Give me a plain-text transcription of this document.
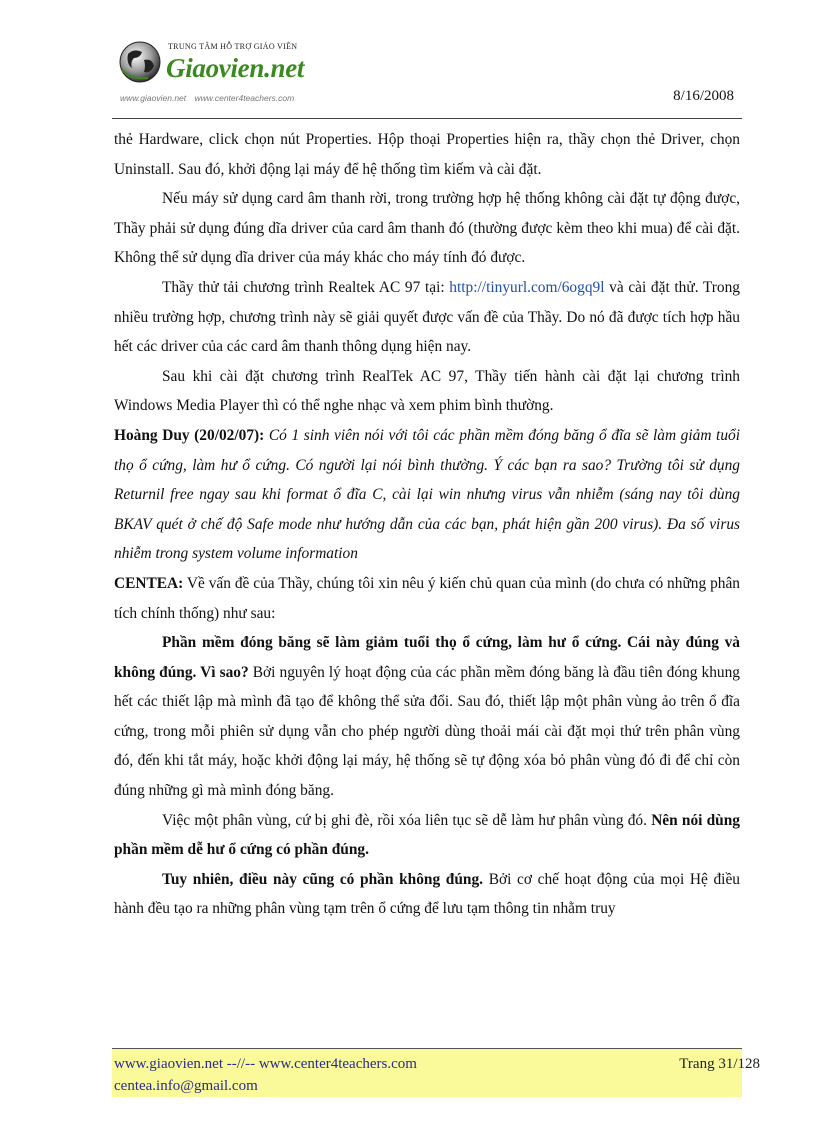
TRUNG TÂM HỖ TRỢ GIÁO VIÊN
Giaovien.net
www.giaovien.net www.center4teachers.com	8/16/2008

thẻ Hardware, click chọn nút Properties. Hộp thoại Properties hiện ra, thầy chọn thẻ Driver, chọn Uninstall. Sau đó, khởi động lại máy để hệ thống tìm kiếm và cài đặt.

Nếu máy sử dụng card âm thanh rời, trong trường hợp hệ thống không cài đặt tự động được, Thầy phải sử dụng đúng dĩa driver của card âm thanh đó (thường được kèm theo khi mua) để cài đặt. Không thể sử dụng dĩa driver của máy khác cho máy tính đó được.

Thầy thử tải chương trình Realtek AC 97 tại: http://tinyurl.com/6ogq9l và cài đặt thử. Trong nhiều trường hợp, chương trình này sẽ giải quyết được vấn đề của Thầy. Do nó đã được tích hợp hầu hết các driver của các card âm thanh thông dụng hiện nay.

Sau khi cài đặt chương trình RealTek AC 97, Thầy tiến hành cài đặt lại chương trình Windows Media Player thì có thể nghe nhạc và xem phim bình thường.

Hoàng Duy (20/02/07): Có 1 sinh viên nói với tôi các phần mềm đóng băng ổ đĩa sẽ làm giảm tuổi thọ ổ cứng, làm hư ổ cứng. Có người lại nói bình thường. Ý các bạn ra sao? Trường tôi sử dụng Returnil free ngay sau khi format ổ đĩa C, cài lại win nhưng virus vẫn nhiễm (sáng nay tôi dùng BKAV quét ở chế độ Safe mode như hướng dẫn của các bạn, phát hiện gần 200 virus). Đa số virus nhiễm trong system volume information

CENTEA: Về vấn đề của Thầy, chúng tôi xin nêu ý kiến chủ quan của mình (do chưa có những phân tích chính thống) như sau:

Phần mềm đóng băng sẽ làm giảm tuổi thọ ổ cứng, làm hư ổ cứng. Cái này đúng và không đúng. Vì sao? Bởi nguyên lý hoạt động của các phần mềm đóng băng là đầu tiên đóng khung hết các thiết lập mà mình đã tạo để không thể sửa đổi. Sau đó, thiết lập một phân vùng ảo trên ổ đĩa cứng, trong mỗi phiên sử dụng vẫn cho phép người dùng thoải mái cài đặt mọi thứ trên phân vùng đó, đến khi tắt máy, hoặc khởi động lại máy, hệ thống sẽ tự động xóa bỏ phân vùng đó đi để chỉ còn đúng những gì mà mình đóng băng.

Việc một phân vùng, cứ bị ghi đè, rồi xóa liên tục sẽ dễ làm hư phân vùng đó. Nên nói dùng phần mềm dễ hư ổ cứng có phần đúng.

Tuy nhiên, điều này cũng có phần không đúng. Bởi cơ chế hoạt động của mọi Hệ điều hành đều tạo ra những phân vùng tạm trên ổ cứng để lưu tạm thông tin nhằm truy

www.giaovien.net --//-- www.center4teachers.com
centea.info@gmail.com
Trang 31/128
